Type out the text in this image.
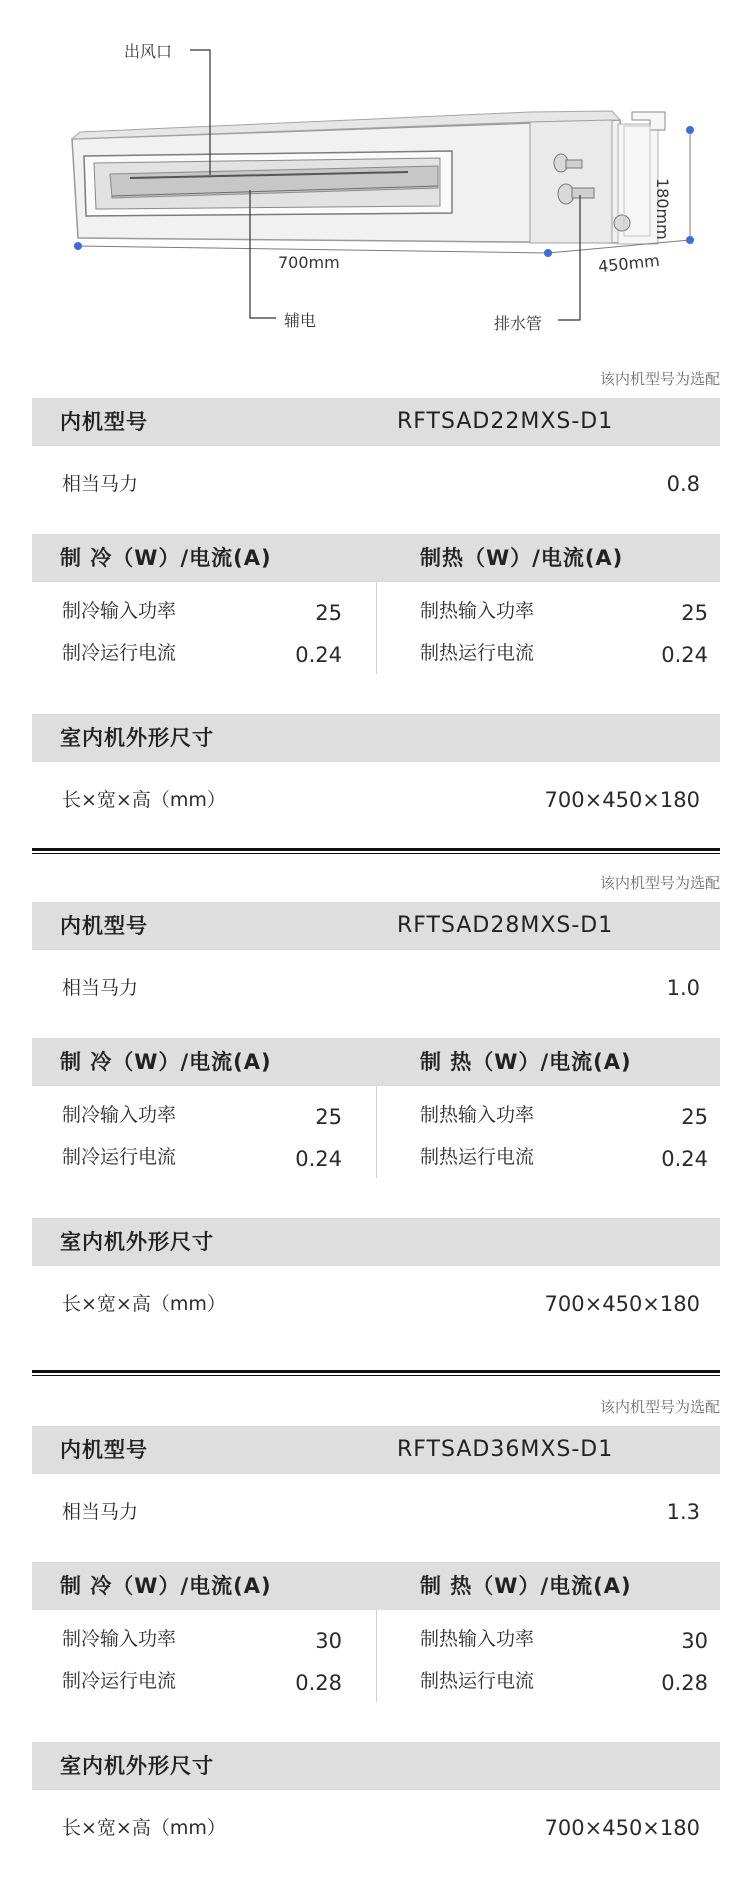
出风口
700mm	450mm
180mm
辅电	排水管
该内机型号为选配
内机型号	RFTSAD22MXS-D1
相当马力	0.8
制 冷（W）/电流(A)	制热（W）/电流(A)
制冷输入功率	25
制冷运行电流	0.24
制热输入功率	25
制热运行电流	0.24
室内机外形尺寸
长×宽×高（mm）	700×450×180
该内机型号为选配
内机型号	RFTSAD28MXS-D1
相当马力	1.0
制 冷（W）/电流(A)	制 热（W）/电流(A)
制冷输入功率	25
制冷运行电流	0.24
制热输入功率	25
制热运行电流	0.24
室内机外形尺寸
长×宽×高（mm）	700×450×180
该内机型号为选配
内机型号	RFTSAD36MXS-D1
相当马力	1.3
制 冷（W）/电流(A)	制 热（W）/电流(A)
制冷输入功率	30
制冷运行电流	0.28
制热输入功率	30
制热运行电流	0.28
室内机外形尺寸
长×宽×高（mm）	700×450×180
